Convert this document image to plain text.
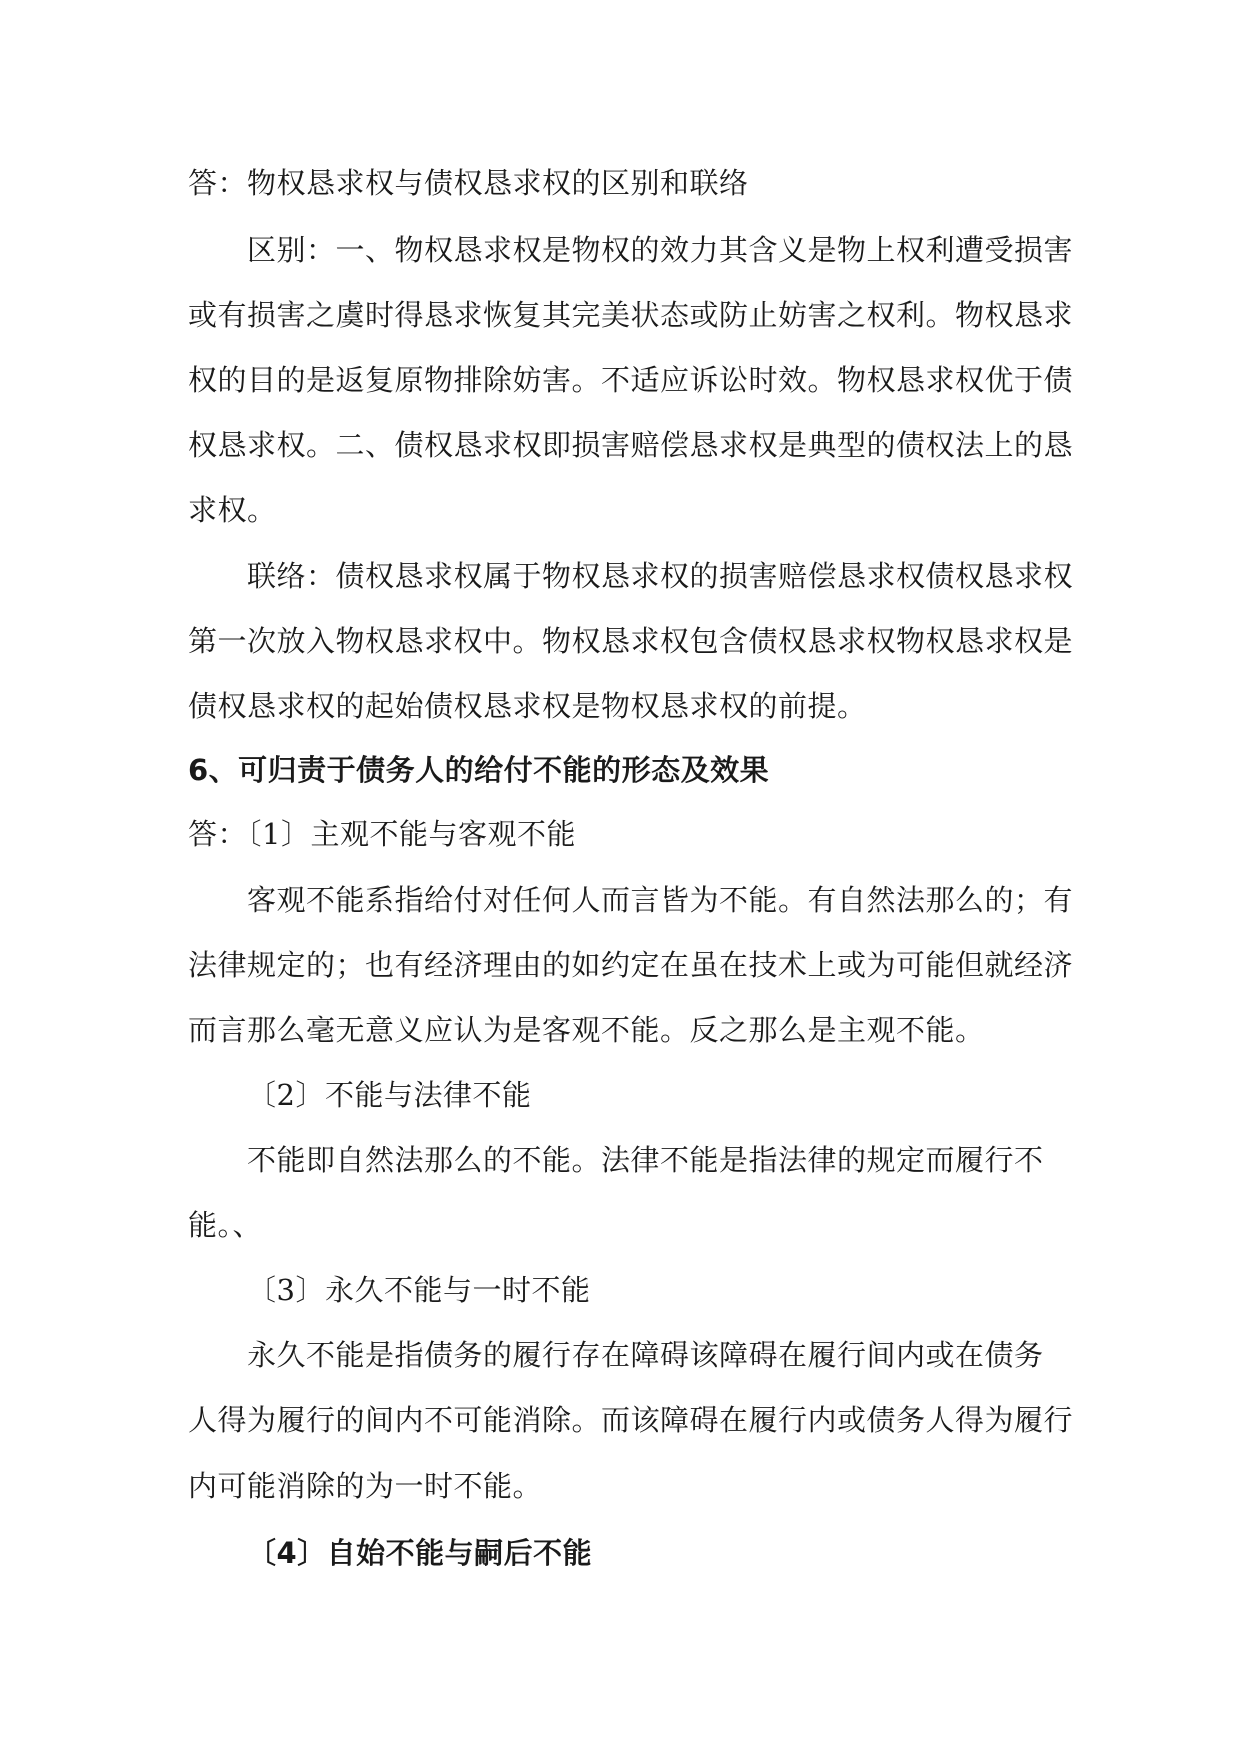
答：物权恳求权与债权恳求权的区别和联络
区别：一、物权恳求权是物权的效力其含义是物上权利遭受损害
或有损害之虞时得恳求恢复其完美状态或防止妨害之权利。物权恳求
权的目的是返复原物排除妨害。不适应诉讼时效。物权恳求权优于债
权恳求权。二、债权恳求权即损害赔偿恳求权是典型的债权法上的恳
求权。
联络：债权恳求权属于物权恳求权的损害赔偿恳求权债权恳求权
第一次放入物权恳求权中。物权恳求权包含债权恳求权物权恳求权是
债权恳求权的起始债权恳求权是物权恳求权的前提。
6、可归责于债务人的给付不能的形态及效果
答：〔1〕主观不能与客观不能
客观不能系指给付对任何人而言皆为不能。有自然法那么的；有
法律规定的；也有经济理由的如约定在虽在技术上或为可能但就经济
而言那么毫无意义应认为是客观不能。反之那么是主观不能。
〔2〕不能与法律不能
不能即自然法那么的不能。法律不能是指法律的规定而履行不
能。、
〔3〕永久不能与一时不能
永久不能是指债务的履行存在障碍该障碍在履行间内或在债务
人得为履行的间内不可能消除。而该障碍在履行内或债务人得为履行
内可能消除的为一时不能。
〔4〕自始不能与嗣后不能
